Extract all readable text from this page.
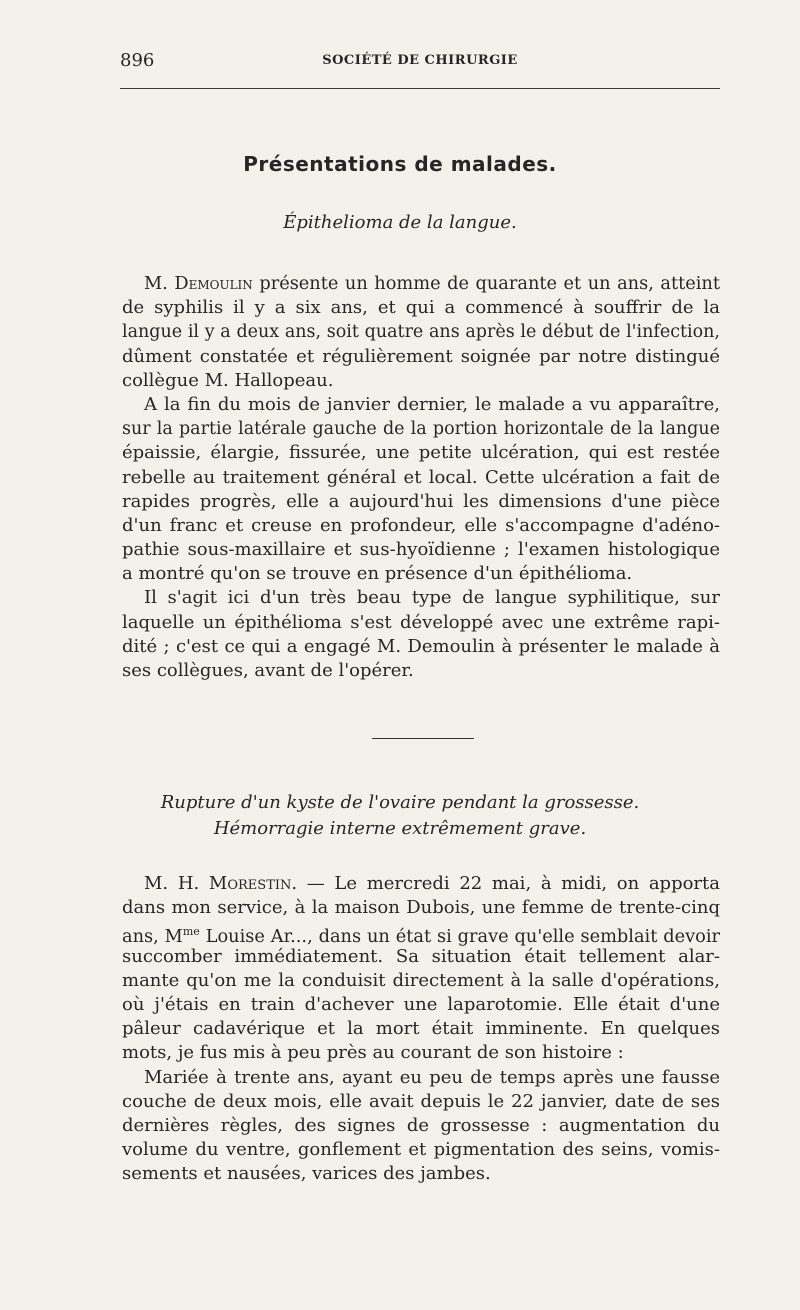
896	SOCIÉTÉ DE CHIRURGIE
Présentations de malades.
Épithelioma de la langue.
M. Demoulin présente un homme de quarante et un ans, atteint
de syphilis il y a six ans, et qui a commencé à souffrir de la
langue il y a deux ans, soit quatre ans après le début de l'infection,
dûment constatée et régulièrement soignée par notre distingué
collègue M. Hallopeau.
A la fin du mois de janvier dernier, le malade a vu apparaître,
sur la partie latérale gauche de la portion horizontale de la langue
épaissie, élargie, fissurée, une petite ulcération, qui est restée
rebelle au traitement général et local. Cette ulcération a fait de
rapides progrès, elle a aujourd'hui les dimensions d'une pièce
d'un franc et creuse en profondeur, elle s'accompagne d'adéno-
pathie sous-maxillaire et sus-hyoïdienne ; l'examen histologique
a montré qu'on se trouve en présence d'un épithélioma.
Il s'agit ici d'un très beau type de langue syphilitique, sur
laquelle un épithélioma s'est développé avec une extrême rapi-
dité ; c'est ce qui a engagé M. Demoulin à présenter le malade à
ses collègues, avant de l'opérer.
Rupture d'un kyste de l'ovaire pendant la grossesse.
Hémorragie interne extrêmement grave.
M. H. Morestin. — Le mercredi 22 mai, à midi, on apporta
dans mon service, à la maison Dubois, une femme de trente-cinq
ans, $M^{me}$ Louise Ar..., dans un état si grave qu'elle semblait devoir
succomber immédiatement. Sa situation était tellement alar-
mante qu'on me la conduisit directement à la salle d'opérations,
où j'étais en train d'achever une laparotomie. Elle était d'une
pâleur cadavérique et la mort était imminente. En quelques
mots, je fus mis à peu près au courant de son histoire :
Mariée à trente ans, ayant eu peu de temps après une fausse
couche de deux mois, elle avait depuis le 22 janvier, date de ses
dernières règles, des signes de grossesse : augmentation du
volume du ventre, gonflement et pigmentation des seins, vomis-
sements et nausées, varices des jambes.
